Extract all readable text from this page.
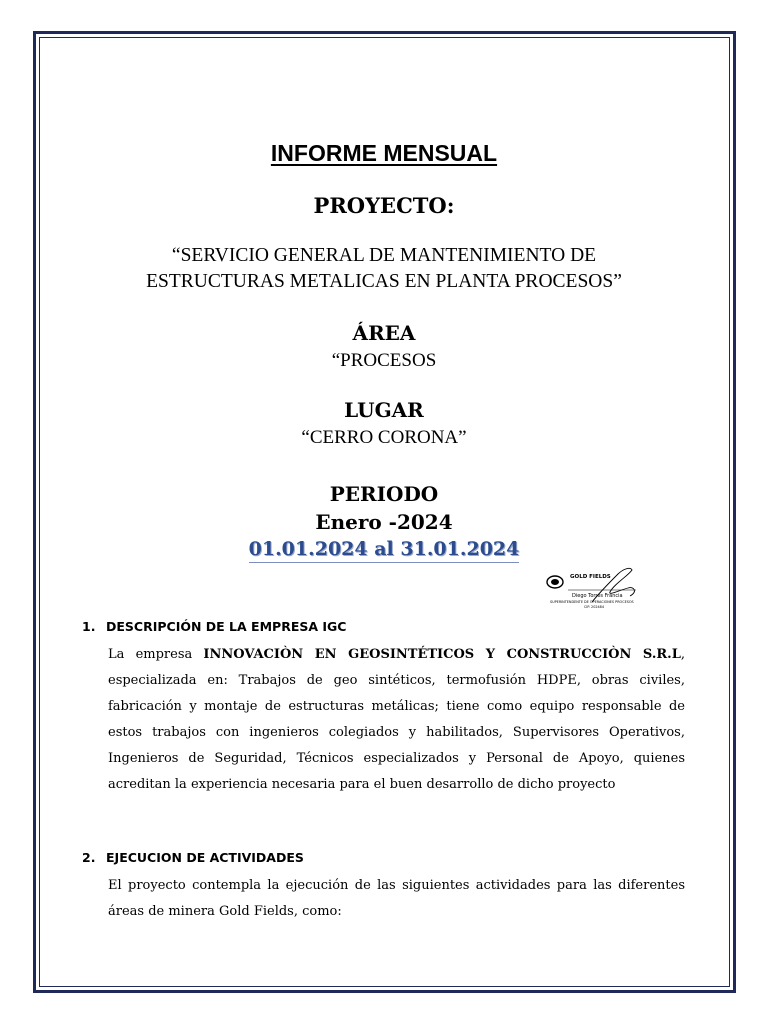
INFORME MENSUAL
PROYECTO:
“SERVICIO GENERAL DE MANTENIMIENTO DE
ESTRUCTURAS METALICAS EN PLANTA PROCESOS”
ÁREA
“PROCESOS
LUGAR
“CERRO CORONA”
PERIODO
Enero -2024
01.01.2024 al 31.01.2024
GOLD FIELDS
Diego Torres Francia
SUPERINTENDENTE DE OPERACIONES PROCESOS
CIP. 202484
1. DESCRIPCIÓN DE LA EMPRESA IGC
La empresa INNOVACIÒN EN GEOSINTÉTICOS Y CONSTRUCCIÒN S.R.L, especializada en: Trabajos de geo sintéticos, termofusión HDPE, obras civiles, fabricación y montaje de estructuras metálicas; tiene como equipo responsable de estos trabajos con ingenieros colegiados y habilitados, Supervisores Operativos, Ingenieros de Seguridad, Técnicos especializados y Personal de Apoyo, quienes acreditan la experiencia necesaria para el buen desarrollo de dicho proyecto
2. EJECUCION DE ACTIVIDADES
El proyecto contempla la ejecución de las siguientes actividades para las diferentes áreas de minera Gold Fields, como:
